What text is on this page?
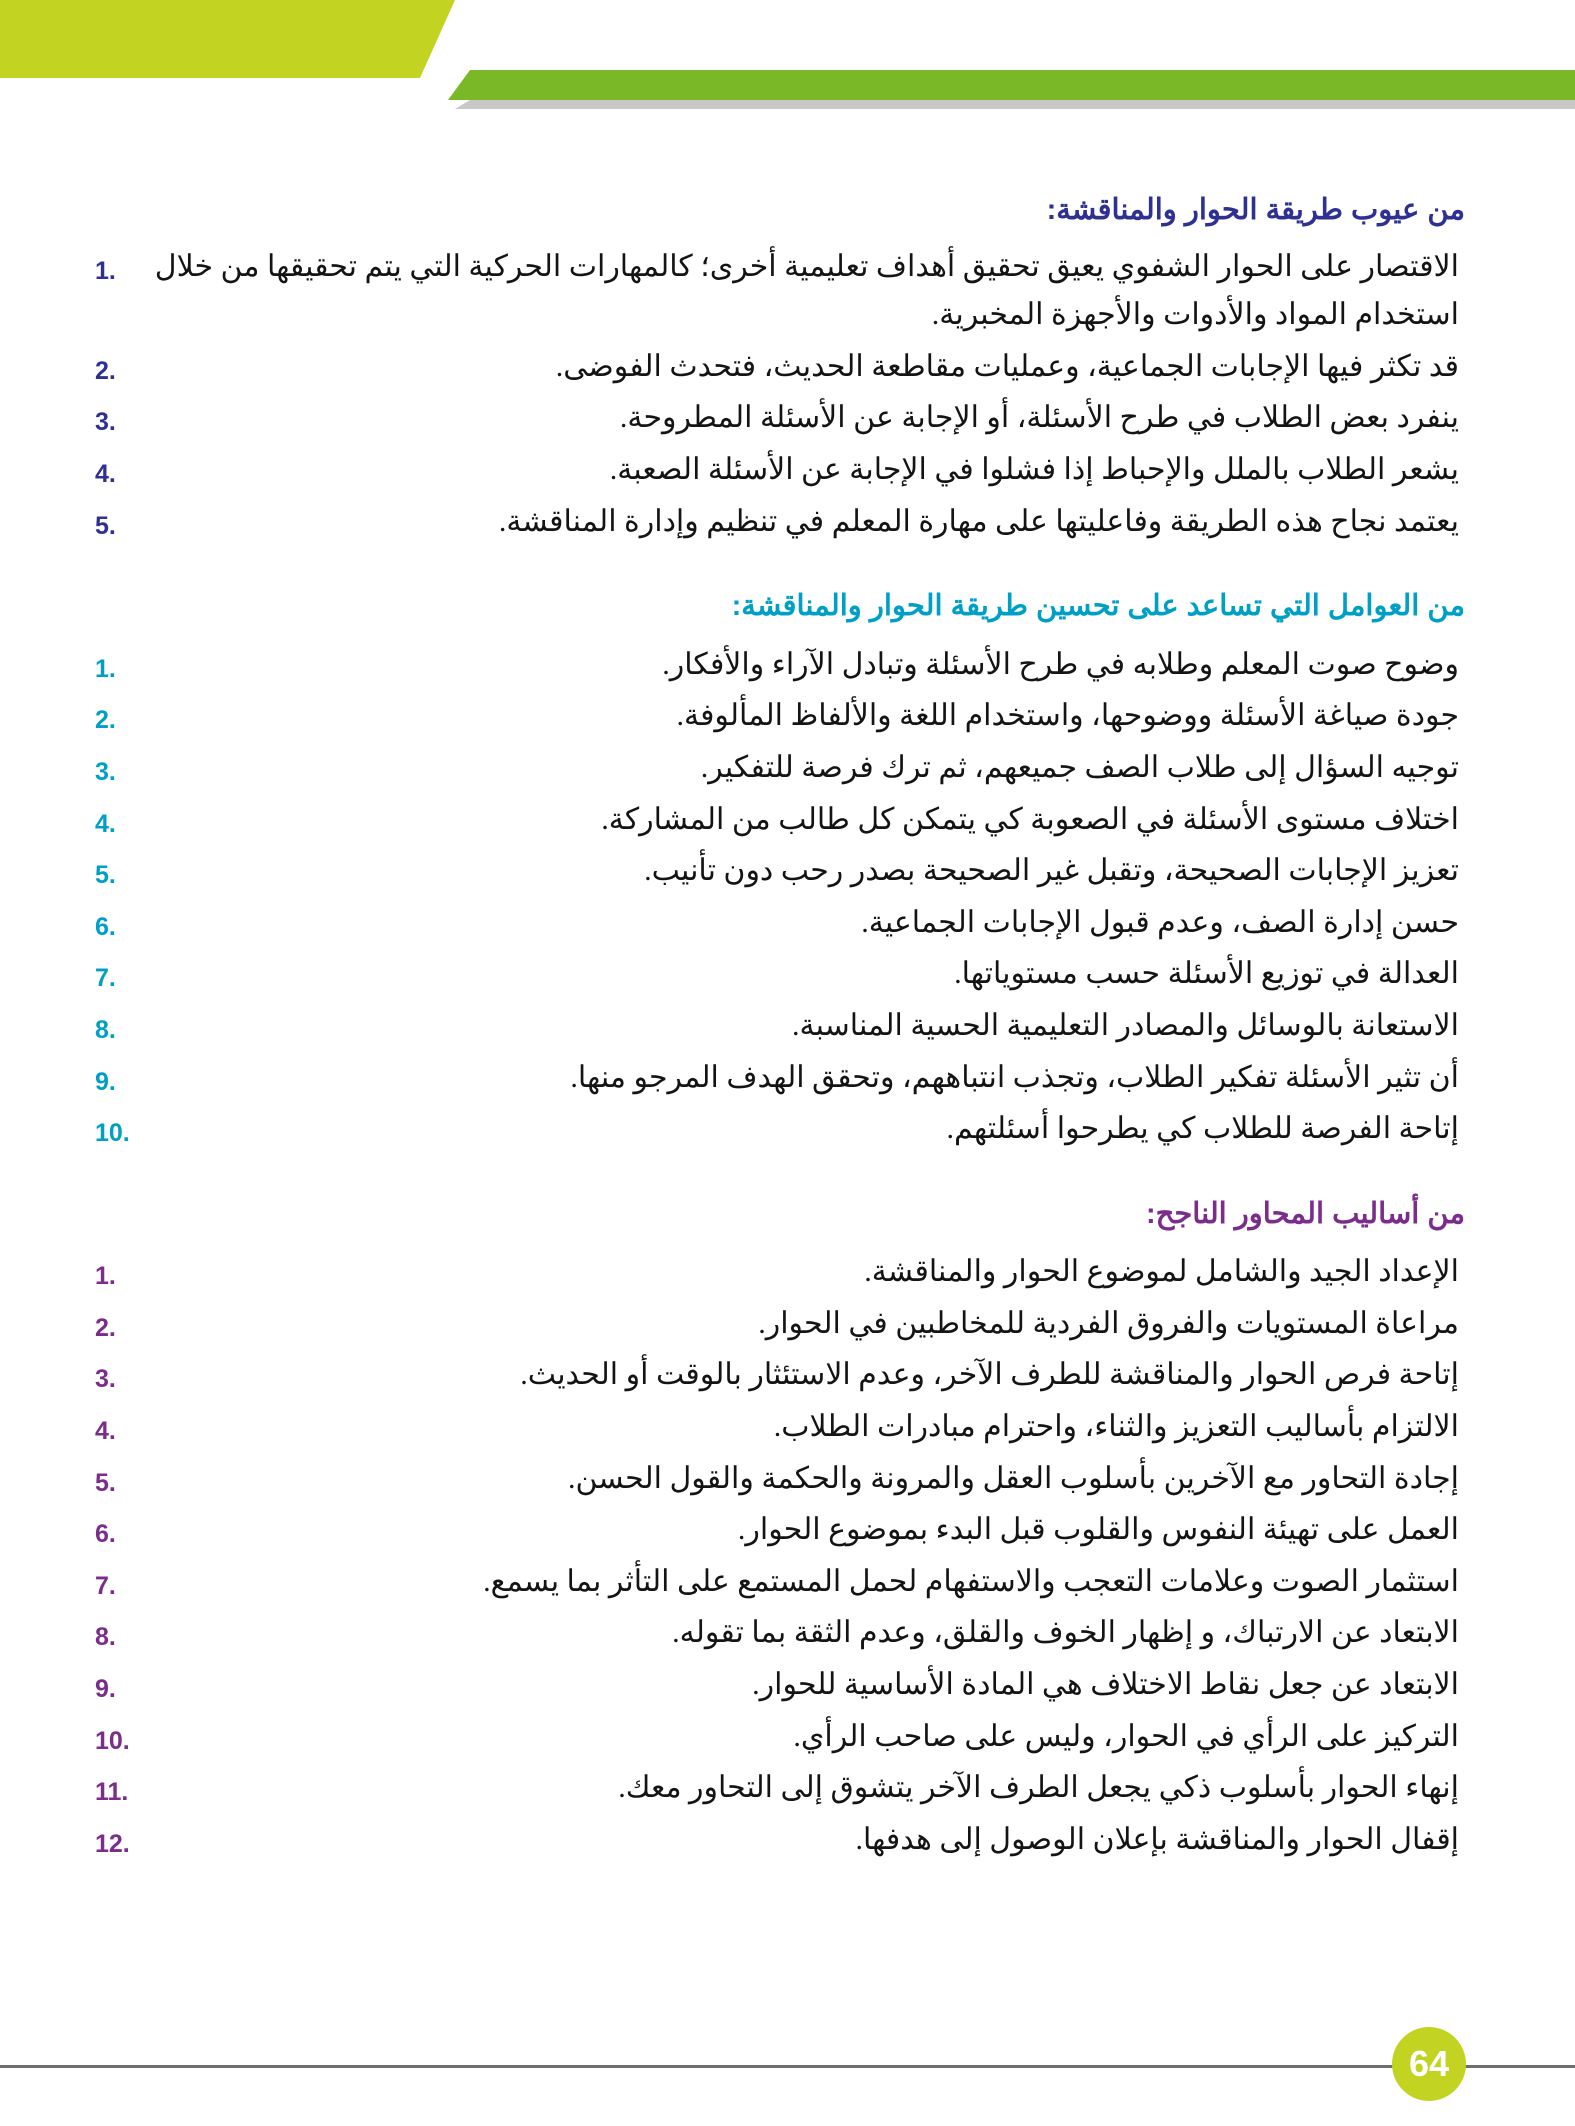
من عيوب طريقة الحوار والمناقشة:
1.	الاقتصار على الحوار الشفوي يعيق تحقيق أهداف تعليمية أخرى؛ كالمهارات الحركية التي يتم تحقيقها من خلال استخدام المواد والأدوات والأجهزة المخبرية.
2.	قد تكثر فيها الإجابات الجماعية، وعمليات مقاطعة الحديث، فتحدث الفوضى.
3.	ينفرد بعض الطلاب في طرح الأسئلة، أو الإجابة عن الأسئلة المطروحة.
4.	يشعر الطلاب بالملل والإحباط إذا فشلوا في الإجابة عن الأسئلة الصعبة.
5.	يعتمد نجاح هذه الطريقة وفاعليتها على مهارة المعلم في تنظيم وإدارة المناقشة.
من العوامل التي تساعد على تحسين طريقة الحوار والمناقشة:
1.	وضوح صوت المعلم وطلابه في طرح الأسئلة وتبادل الآراء والأفكار.
2.	جودة صياغة الأسئلة ووضوحها، واستخدام اللغة والألفاظ المألوفة.
3.	توجيه السؤال إلى طلاب الصف جميعهم، ثم ترك فرصة للتفكير.
4.	اختلاف مستوى الأسئلة في الصعوبة كي يتمكن كل طالب من المشاركة.
5.	تعزيز الإجابات الصحيحة، وتقبل غير الصحيحة بصدر رحب دون تأنيب.
6.	حسن إدارة الصف، وعدم قبول الإجابات الجماعية.
7.	العدالة في توزيع الأسئلة حسب مستوياتها.
8.	الاستعانة بالوسائل والمصادر التعليمية الحسية المناسبة.
9.	أن تثير الأسئلة تفكير الطلاب، وتجذب انتباههم، وتحقق الهدف المرجو منها.
10.	إتاحة الفرصة للطلاب كي يطرحوا أسئلتهم.
من أساليب المحاور الناجح:
1.	الإعداد الجيد والشامل لموضوع الحوار والمناقشة.
2.	مراعاة المستويات والفروق الفردية للمخاطبين في الحوار.
3.	إتاحة فرص الحوار والمناقشة للطرف الآخر، وعدم الاستئثار بالوقت أو الحديث.
4.	الالتزام بأساليب التعزيز والثناء، واحترام مبادرات الطلاب.
5.	إجادة التحاور مع الآخرين بأسلوب العقل والمرونة والحكمة والقول الحسن.
6.	العمل على تهيئة النفوس والقلوب قبل البدء بموضوع الحوار.
7.	استثمار الصوت وعلامات التعجب والاستفهام لحمل المستمع على التأثر بما يسمع.
8.	الابتعاد عن الارتباك، و إظهار الخوف والقلق، وعدم الثقة بما تقوله.
9.	الابتعاد عن جعل نقاط الاختلاف هي المادة الأساسية للحوار.
10.	التركيز على الرأي في الحوار، وليس على صاحب الرأي.
11.	إنهاء الحوار بأسلوب ذكي يجعل الطرف الآخر يتشوق إلى التحاور معك.
12.	إقفال الحوار والمناقشة بإعلان الوصول إلى هدفها.
64
